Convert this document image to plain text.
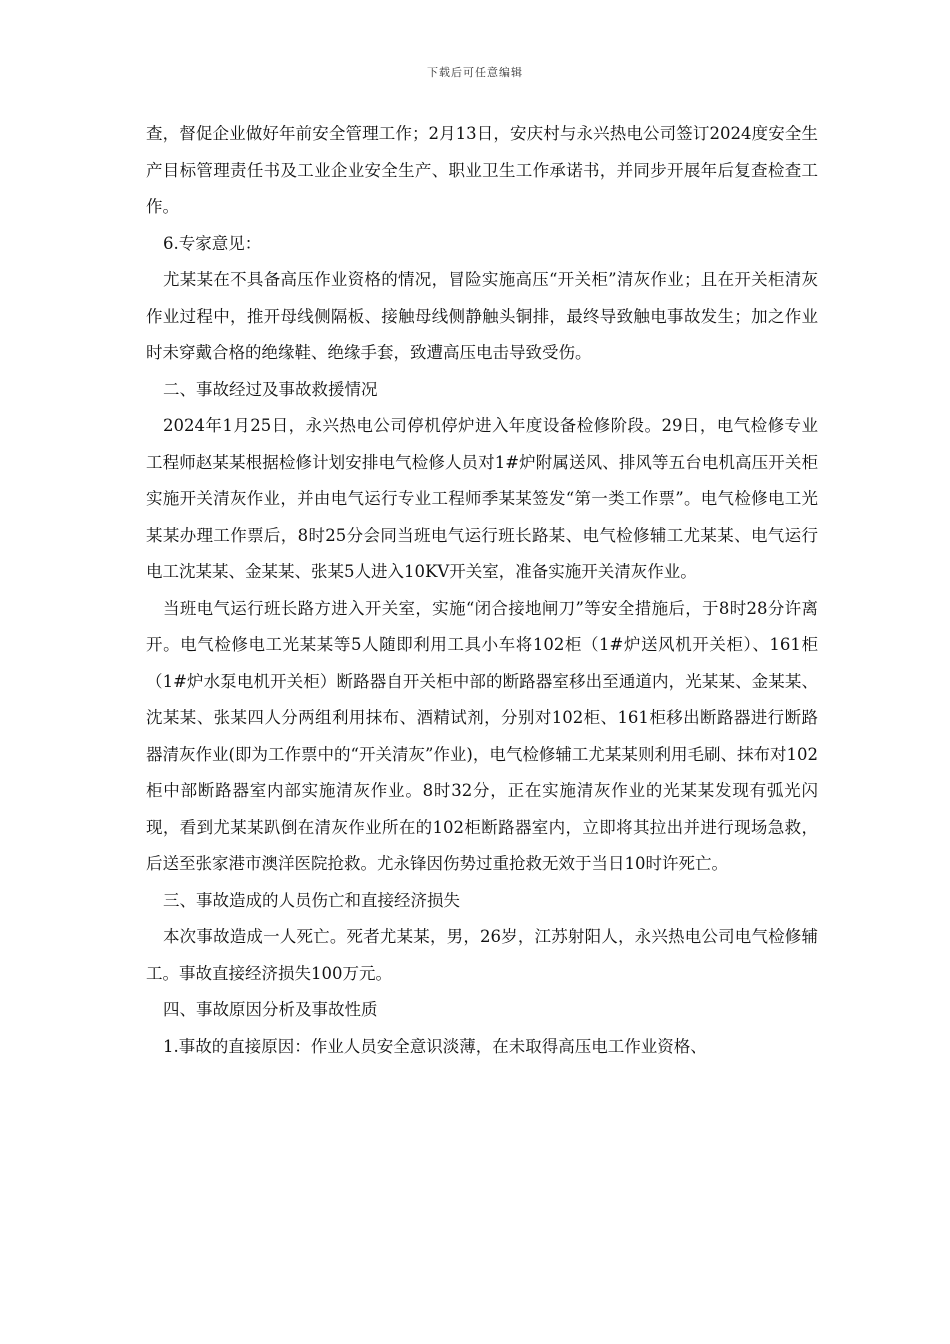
下载后可任意编辑

查，督促企业做好年前安全管理工作；2月13日，安庆村与永兴热电公司签订2024度安全生产目标管理责任书及工业企业安全生产、职业卫生工作承诺书，并同步开展年后复查检查工作。

6.专家意见：

尤某某在不具备高压作业资格的情况，冒险实施高压“开关柜”清灰作业；且在开关柜清灰作业过程中，推开母线侧隔板、接触母线侧静触头铜排，最终导致触电事故发生；加之作业时未穿戴合格的绝缘鞋、绝缘手套，致遭高压电击导致受伤。

二、事故经过及事故救援情况

2024年1月25日，永兴热电公司停机停炉进入年度设备检修阶段。29日，电气检修专业工程师赵某某根据检修计划安排电气检修人员对1#炉附属送风、排风等五台电机高压开关柜实施开关清灰作业，并由电气运行专业工程师季某某签发“第一类工作票”。电气检修电工光某某办理工作票后，8时25分会同当班电气运行班长路某、电气检修辅工尤某某、电气运行电工沈某某、金某某、张某5人进入10KV开关室，准备实施开关清灰作业。

当班电气运行班长路方进入开关室，实施“闭合接地闸刀”等安全措施后，于8时28分许离开。电气检修电工光某某等5人随即利用工具小车将102柜（1#炉送风机开关柜）、161柜（1#炉水泵电机开关柜）断路器自开关柜中部的断路器室移出至通道内，光某某、金某某、沈某某、张某四人分两组利用抹布、酒精试剂，分别对102柜、161柜移出断路器进行断路器清灰作业(即为工作票中的“开关清灰”作业)，电气检修辅工尤某某则利用毛刷、抹布对102柜中部断路器室内部实施清灰作业。8时32分，正在实施清灰作业的光某某发现有弧光闪现，看到尤某某趴倒在清灰作业所在的102柜断路器室内，立即将其拉出并进行现场急救，后送至张家港市澳洋医院抢救。尤永锋因伤势过重抢救无效于当日10时许死亡。

三、事故造成的人员伤亡和直接经济损失

本次事故造成一人死亡。死者尤某某，男，26岁，江苏射阳人，永兴热电公司电气检修辅工。事故直接经济损失100万元。

四、事故原因分析及事故性质

1.事故的直接原因：作业人员安全意识淡薄，在未取得高压电工作业资格、
